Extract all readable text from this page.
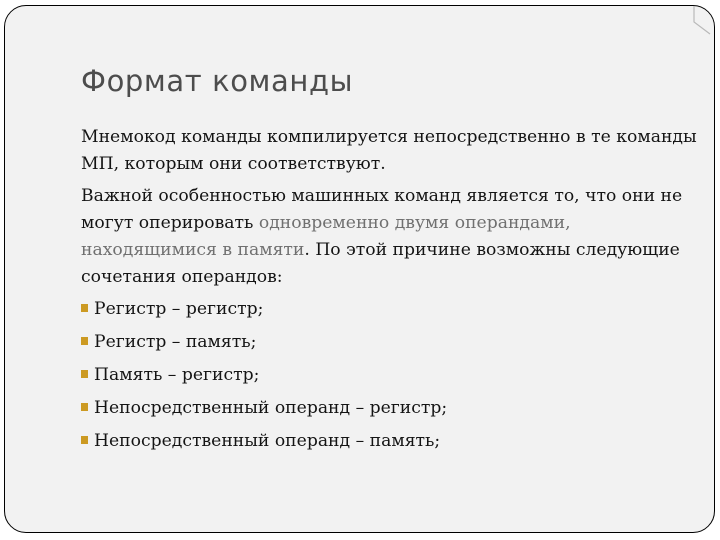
Формат команды

Мнемокод команды компилируется непосредственно в те команды МП, которым они соответствуют.

Важной особенностью машинных команд является то, что они не могут оперировать одновременно двумя операндами, находящимися в памяти. По этой причине возможны следующие сочетания операндов:

Регистр – регистр;
Регистр – память;
Память – регистр;
Непосредственный операнд – регистр;
Непосредственный операнд – память;
